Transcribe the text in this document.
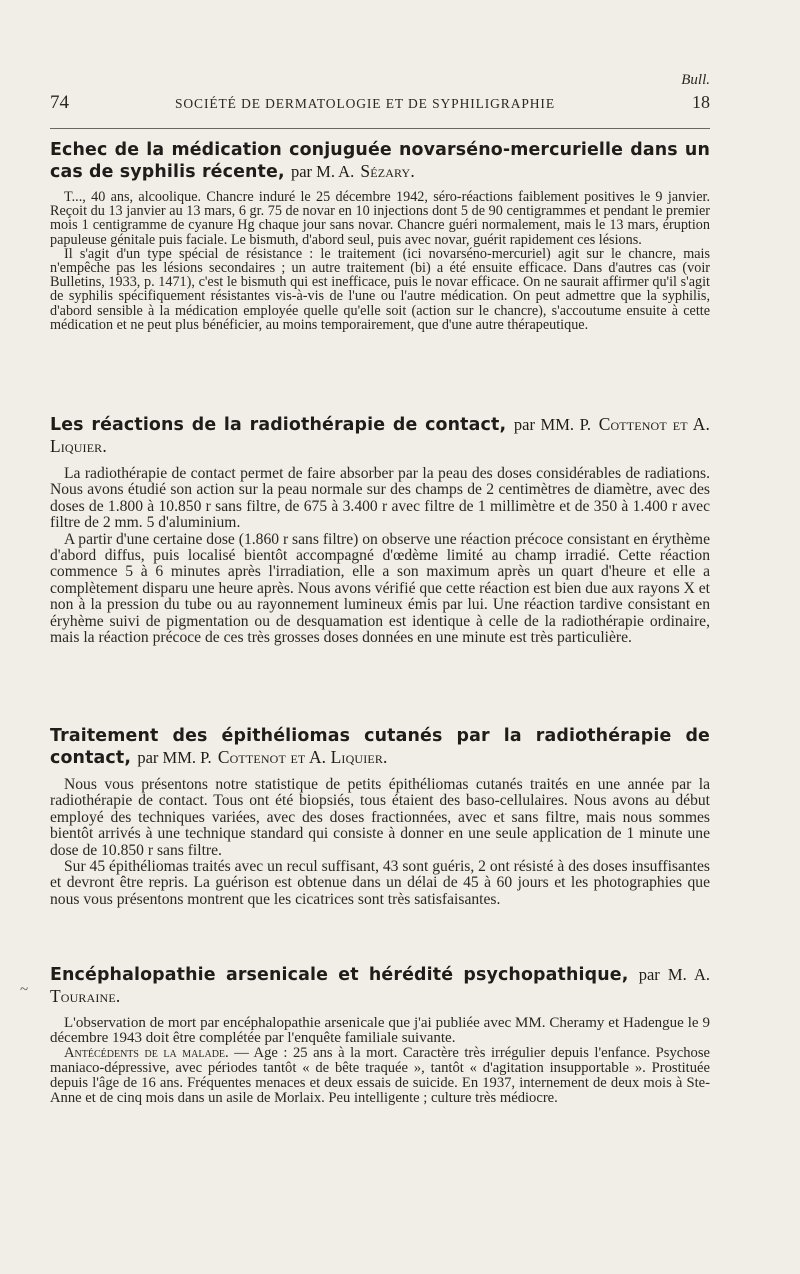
Bull.
74	SOCIÉTÉ DE DERMATOLOGIE ET DE SYPHILIGRAPHIE	18
Echec de la médication conjuguée novarséno-mercurielle dans un cas de syphilis récente, par M. A. Sézary.

T..., 40 ans, alcoolique. Chancre induré le 25 décembre 1942, séro-réactions faiblement positives le 9 janvier. Reçoit du 13 janvier au 13 mars, 6 gr. 75 de novar en 10 injections dont 5 de 90 centigrammes et pendant le premier mois 1 centigramme de cyanure Hg chaque jour sans novar. Chancre guéri normalement, mais le 13 mars, éruption papuleuse génitale puis faciale. Le bismuth, d'abord seul, puis avec novar, guérit rapidement ces lésions.

Il s'agit d'un type spécial de résistance : le traitement (ici novarséno-mercuriel) agit sur le chancre, mais n'empêche pas les lésions secondaires ; un autre traitement (bi) a été ensuite efficace. Dans d'autres cas (voir Bulletins, 1933, p. 1471), c'est le bismuth qui est inefficace, puis le novar efficace. On ne saurait affirmer qu'il s'agit de syphilis spécifiquement résistantes vis-à-vis de l'une ou l'autre médication. On peut admettre que la syphilis, d'abord sensible à la médication employée quelle qu'elle soit (action sur le chancre), s'accoutume ensuite à cette médication et ne peut plus bénéficier, au moins temporairement, que d'une autre thérapeutique.

Les réactions de la radiothérapie de contact, par MM. P. Cottenot et A. Liquier.

La radiothérapie de contact permet de faire absorber par la peau des doses considérables de radiations. Nous avons étudié son action sur la peau normale sur des champs de 2 centimètres de diamètre, avec des doses de 1.800 à 10.850 r sans filtre, de 675 à 3.400 r avec filtre de 1 millimètre et de 350 à 1.400 r avec filtre de 2 mm. 5 d'aluminium.

A partir d'une certaine dose (1.860 r sans filtre) on observe une réaction précoce consistant en érythème d'abord diffus, puis localisé bientôt accompagné d'œdème limité au champ irradié. Cette réaction commence 5 à 6 minutes après l'irradiation, elle a son maximum après un quart d'heure et elle a complètement disparu une heure après. Nous avons vérifié que cette réaction est bien due aux rayons X et non à la pression du tube ou au rayonnement lumineux émis par lui. Une réaction tardive consistant en éryhème suivi de pigmentation ou de desquamation est identique à celle de la radiothérapie ordinaire, mais la réaction précoce de ces très grosses doses données en une minute est très particulière.

Traitement des épithéliomas cutanés par la radiothérapie de contact, par MM. P. Cottenot et A. Liquier.

Nous vous présentons notre statistique de petits épithéliomas cutanés traités en une année par la radiothérapie de contact. Tous ont été biopsiés, tous étaient des baso-cellulaires. Nous avons au début employé des techniques variées, avec des doses fractionnées, avec et sans filtre, mais nous sommes bientôt arrivés à une technique standard qui consiste à donner en une seule application de 1 minute une dose de 10.850 r sans filtre.

Sur 45 épithéliomas traités avec un recul suffisant, 43 sont guéris, 2 ont résisté à des doses insuffisantes et devront être repris. La guérison est obtenue dans un délai de 45 à 60 jours et les photographies que nous vous présentons montrent que les cicatrices sont très satisfaisantes.

~
Encéphalopathie arsenicale et hérédité psychopathique, par M. A. Touraine.

L'observation de mort par encéphalopathie arsenicale que j'ai publiée avec MM. Cheramy et Hadengue le 9 décembre 1943 doit être complétée par l'enquête familiale suivante.

Antécédents de la malade. — Age : 25 ans à la mort. Caractère très irrégulier depuis l'enfance. Psychose maniaco-dépressive, avec périodes tantôt « de bête traquée », tantôt « d'agitation insupportable ». Prostituée depuis l'âge de 16 ans. Fréquentes menaces et deux essais de suicide. En 1937, internement de deux mois à Ste-Anne et de cinq mois dans un asile de Morlaix. Peu intelligente ; culture très médiocre.
